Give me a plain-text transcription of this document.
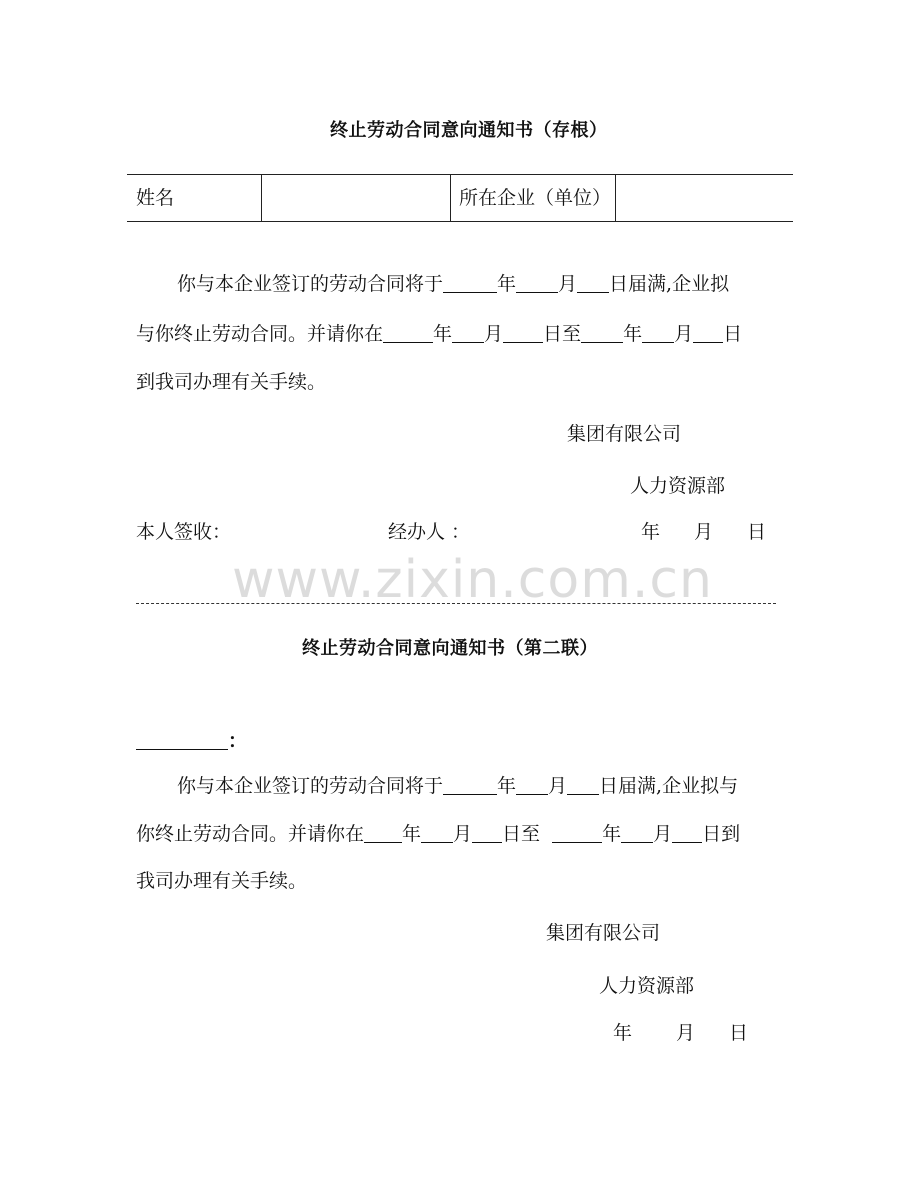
终止劳动合同意向通知书（存根）
姓名	所在企业（单位）
你与本企业签订的劳动合同将于	年 月 日届满,企业拟
与你终止劳动合同。并请你在	年 月 日至 年 月 日
到我司办理有关手续。
集团有限公司
人力资源部
本人签收：	经办人 ：	年 月 日
www.zixin.com.cn
终止劳动合同意向通知书（第二联）
：
你与本企业签订的劳动合同将于	年 月 日届满,企业拟与
你终止劳动合同。并请你在 年 月 日至	年 月 日到
我司办理有关手续。
集团有限公司
人力资源部
年 月 日
